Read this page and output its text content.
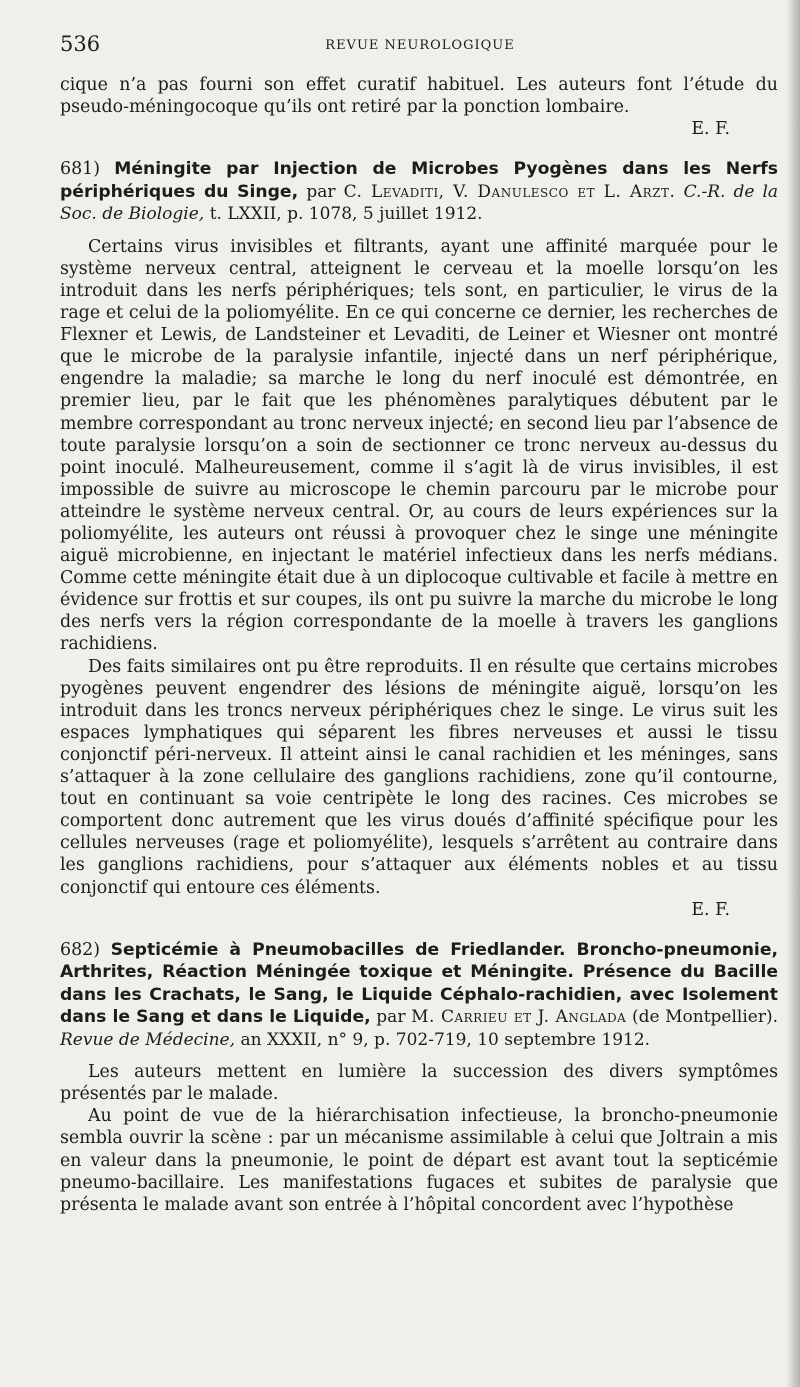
536	REVUE NEUROLOGIQUE

cique n’a pas fourni son effet curatif habituel. Les auteurs font l’étude du pseudo-méningocoque qu’ils ont retiré par la ponction lombaire.
E. F.

681) Méningite par Injection de Microbes Pyogènes dans les Nerfs périphériques du Singe, par C. Levaditi, V. Danulesco et L. Arzt. C.-R. de la Soc. de Biologie, t. LXXII, p. 1078, 5 juillet 1912.

Certains virus invisibles et filtrants, ayant une affinité marquée pour le système nerveux central, atteignent le cerveau et la moelle lorsqu’on les introduit dans les nerfs périphériques; tels sont, en particulier, le virus de la rage et celui de la poliomyélite. En ce qui concerne ce dernier, les recherches de Flexner et Lewis, de Landsteiner et Levaditi, de Leiner et Wiesner ont montré que le microbe de la paralysie infantile, injecté dans un nerf périphérique, engendre la maladie; sa marche le long du nerf inoculé est démontrée, en premier lieu, par le fait que les phénomènes paralytiques débutent par le membre correspondant au tronc nerveux injecté; en second lieu par l’absence de toute paralysie lorsqu’on a soin de sectionner ce tronc nerveux au-dessus du point inoculé. Malheureusement, comme il s’agit là de virus invisibles, il est impossible de suivre au microscope le chemin parcouru par le microbe pour atteindre le système nerveux central. Or, au cours de leurs expériences sur la poliomyélite, les auteurs ont réussi à provoquer chez le singe une méningite aiguë microbienne, en injectant le matériel infectieux dans les nerfs médians. Comme cette méningite était due à un diplocoque cultivable et facile à mettre en évidence sur frottis et sur coupes, ils ont pu suivre la marche du microbe le long des nerfs vers la région correspondante de la moelle à travers les ganglions rachidiens.

Des faits similaires ont pu être reproduits. Il en résulte que certains microbes pyogènes peuvent engendrer des lésions de méningite aiguë, lorsqu’on les introduit dans les troncs nerveux périphériques chez le singe. Le virus suit les espaces lymphatiques qui séparent les fibres nerveuses et aussi le tissu conjonctif péri-nerveux. Il atteint ainsi le canal rachidien et les méninges, sans s’attaquer à la zone cellulaire des ganglions rachidiens, zone qu’il contourne, tout en continuant sa voie centripète le long des racines. Ces microbes se comportent donc autrement que les virus doués d’affinité spécifique pour les cellules nerveuses (rage et poliomyélite), lesquels s’arrêtent au contraire dans les ganglions rachidiens, pour s’attaquer aux éléments nobles et au tissu conjonctif qui entoure ces éléments.
E. F.

682) Septicémie à Pneumobacilles de Friedlander. Broncho-pneumonie, Arthrites, Réaction Méningée toxique et Méningite. Présence du Bacille dans les Crachats, le Sang, le Liquide Céphalo-rachidien, avec Isolement dans le Sang et dans le Liquide, par M. Carrieu et J. Anglada (de Montpellier). Revue de Médecine, an XXXII, n° 9, p. 702-719, 10 septembre 1912.

Les auteurs mettent en lumière la succession des divers symptômes présentés par le malade.

Au point de vue de la hiérarchisation infectieuse, la broncho-pneumonie sembla ouvrir la scène : par un mécanisme assimilable à celui que Joltrain a mis en valeur dans la pneumonie, le point de départ est avant tout la septicémie pneumo-bacillaire. Les manifestations fugaces et subites de paralysie que présenta le malade avant son entrée à l’hôpital concordent avec l’hypothèse
